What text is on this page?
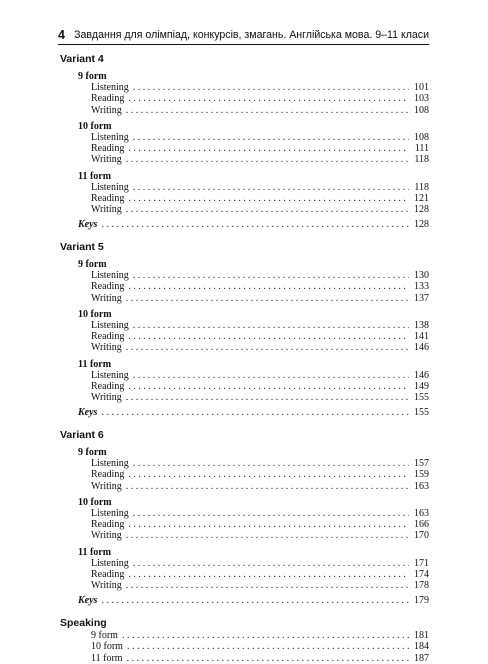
4 Завдання для олімпіад, конкурсів, змагань. Англійська мова. 9–11 класи
Variant 4
9 form
Listening . . .	101
Reading . . .	103
Writing . . .	108
10 form
Listening . . .	108
Reading . . .	111
Writing . . .	118
11 form
Listening . . .	118
Reading . . .	121
Writing . . .	128
Keys . . .	128
Variant 5
9 form
Listening . . .	130
Reading . . .	133
Writing . . .	137
10 form
Listening . . .	138
Reading . . .	141
Writing . . .	146
11 form
Listening . . .	146
Reading . . .	149
Writing . . .	155
Keys . . .	155
Variant 6
9 form
Listening . . .	157
Reading . . .	159
Writing . . .	163
10 form
Listening . . .	163
Reading . . .	166
Writing . . .	170
11 form
Listening . . .	171
Reading . . .	174
Writing . . .	178
Keys . . .	179
Speaking
9 form . . .	181
10 form . . .	184
11 form . . .	187
